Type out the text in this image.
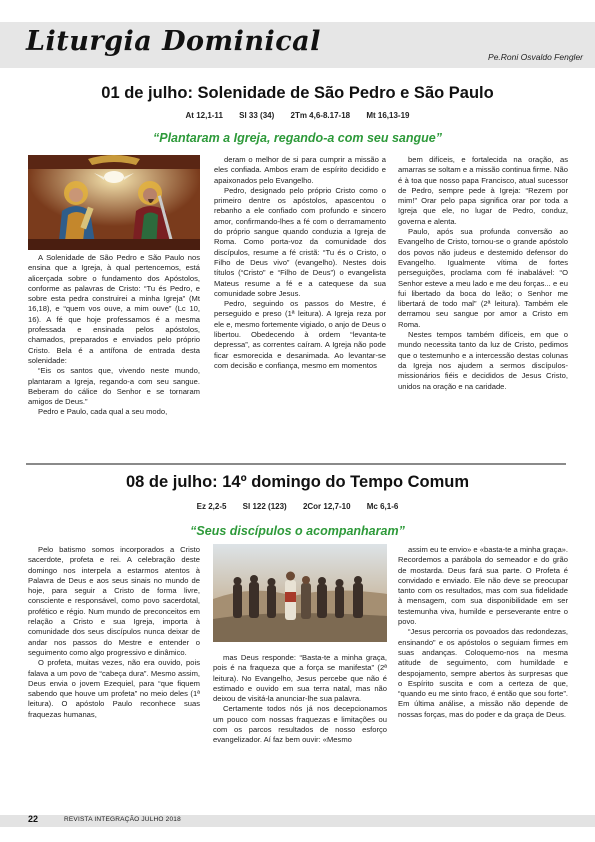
Liturgia Dominical	Pe.Roni Osvaldo Fengler
01 de julho: Solenidade de São Pedro e São Paulo
At 12,1-11 Sl 33 (34) 2Tm 4,6-8.17-18 Mt 16,13-19
“Plantaram a Igreja, regando-a com seu sangue”

A Solenidade de São Pedro e São Paulo nos ensina que a Igreja, à qual pertencemos, está alicerçada sobre o fundamento dos Apóstolos, conforme as palavras de Cristo: “Tu és Pedro, e sobre esta pedra construirei a minha Igreja” (Mt 16,18), e “quem vos ouve, a mim ouve” (Lc 10, 16). A fé que hoje professamos é a mesma professada e ensinada pelos apóstolos, chamados, preparados e enviados pelo próprio Cristo. Bela é a antífona de entrada desta solenidade:

“Eis os santos que, vivendo neste mundo, plantaram a Igreja, regando-a com seu sangue. Beberam do cálice do Senhor e se tornaram amigos de Deus.”

Pedro e Paulo, cada qual a seu modo,

deram o melhor de si para cumprir a missão a eles confiada. Ambos eram de espírito decidido e apaixonados pelo Evangelho.

Pedro, designado pelo próprio Cristo como o primeiro dentre os apóstolos, apascentou o rebanho a ele confiado com profundo e sincero amor, confirmando-lhes a fé com o derramamento do próprio sangue quando conduzia a Igreja de Roma. Como porta-voz da comunidade dos discípulos, resume a fé cristã: “Tu és o Cristo, o Filho de Deus vivo” (evangelho). Nestes dois títulos (“Cristo” e “Filho de Deus”) o evangelista Mateus resume a fé e a catequese da sua comunidade sobre Jesus.

Pedro, seguindo os passos do Mestre, é perseguido e preso (1ª leitura). A Igreja reza por ele e, mesmo fortemente vigiado, o anjo de Deus o libertou. Obedecendo à ordem “levanta-te depressa”, as correntes caíram. A Igreja não pode ficar esmorecida e desanimada. Ao levantar-se com decisão e confiança, mesmo em momentos

bem difíceis, e fortalecida na oração, as amarras se soltam e a missão continua firme. Não é à toa que nosso papa Francisco, atual sucessor de Pedro, sempre pede à Igreja: “Rezem por mim!” Orar pelo papa significa orar por toda a Igreja que ele, no lugar de Pedro, conduz, governa e alenta.

Paulo, após sua profunda conversão ao Evangelho de Cristo, tornou-se o grande apóstolo dos povos não judeus e destemido defensor do Evangelho. Igualmente vítima de fortes perseguições, proclama com fé inabalável: “O Senhor esteve a meu lado e me deu forças... e eu fui libertado da boca do leão; o Senhor me libertará de todo mal” (2ª leitura). Também ele derramou seu sangue por amor a Cristo em Roma.

Nestes tempos também difíceis, em que o mundo necessita tanto da luz de Cristo, pedimos que o testemunho e a intercessão destas colunas da Igreja nos ajudem a sermos discípulos-missionários fiéis e decididos de Jesus Cristo, unidos na oração e na caridade.

08 de julho: 14º domingo do Tempo Comum
Ez 2,2-5 Sl 122 (123) 2Cor 12,7-10 Mc 6,1-6
“Seus discípulos o acompanharam”

Pelo batismo somos incorporados a Cristo sacerdote, profeta e rei. A celebração deste domingo nos interpela a estarmos atentos à Palavra de Deus e aos seus sinais no mundo de hoje, para seguir a Cristo de forma livre, consciente e responsável, como povo sacerdotal, profético e régio. Num mundo de preconceitos em relação a Cristo e sua Igreja, importa à comunidade dos seus discípulos nunca deixar de andar nos passos do Mestre e entender o seguimento como algo progressivo e dinâmico.

O profeta, muitas vezes, não era ouvido, pois falava a um povo de “cabeça dura”. Mesmo assim, Deus envia o jovem Ezequiel, para “que fiquem sabendo que houve um profeta” no meio deles (1ª leitura). O apóstolo Paulo reconhece suas fraquezas humanas,

mas Deus responde: “Basta-te a minha graça, pois é na fraqueza que a força se manifesta” (2ª leitura). No Evangelho, Jesus percebe que não é estimado e ouvido em sua terra natal, mas não deixou de visitá-la anunciar-lhe sua palavra.

Certamente todos nós já nos decepcionamos um pouco com nossas fraquezas e limitações ou com os parcos resultados de nosso esforço evangelizador. Aí faz bem ouvir: «Mesmo

assim eu te envio» e «basta-te a minha graça». Recordemos a parábola do semeador e do grão de mostarda. Deus fará sua parte. O Profeta é convidado e enviado. Ele não deve se preocupar tanto com os resultados, mas com sua fidelidade à mensagem, com sua disponibilidade em ser testemunha viva, humilde e perseverante entre o povo.

“Jesus percorria os povoados das redondezas, ensinando” e os apóstolos o seguiam firmes em suas andanças. Coloquemo-nos na mesma atitude de seguimento, com humildade e despojamento, sempre abertos às surpresas que o Espírito suscita e com a certeza de que, “quando eu me sinto fraco, é então que sou forte”. Em última análise, a missão não depende de nossas forças, mas do poder e da graça de Deus.

22	REVISTA INTEGRAÇÃO JULHO 2018
